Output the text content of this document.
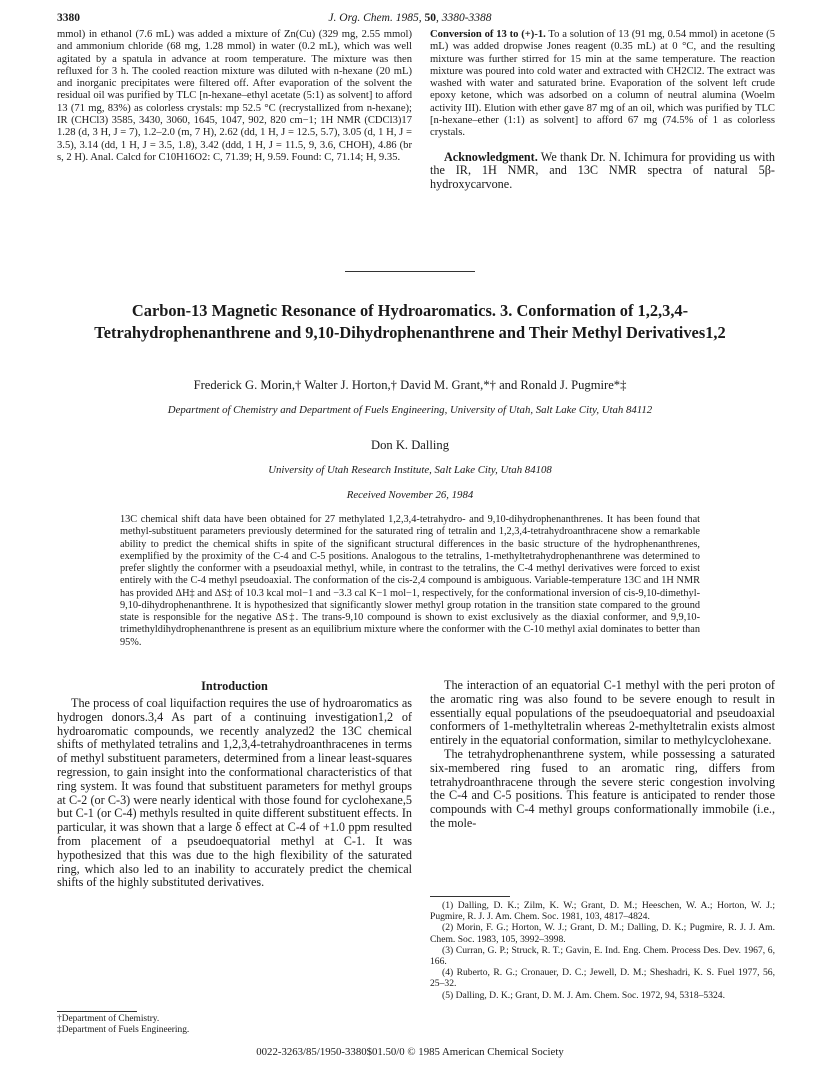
3380	J. Org. Chem. 1985, 50, 3380-3388

mmol) in ethanol (7.6 mL) was added a mixture of Zn(Cu) (329 mg, 2.55 mmol) and ammonium chloride (68 mg, 1.28 mmol) in water (0.2 mL), which was well agitated by a spatula in advance at room temperature. The mixture was then refluxed for 3 h. The cooled reaction mixture was diluted with n-hexane (20 mL) and inorganic precipitates were filtered off. After evaporation of the solvent the residual oil was purified by TLC [n-hexane–ethyl acetate (5:1) as solvent] to afford 13 (71 mg, 83%) as colorless crystals: mp 52.5 °C (recrystallized from n-hexane); IR (CHCl3) 3585, 3430, 3060, 1645, 1047, 902, 820 cm−1; 1H NMR (CDCl3)17 1.28 (d, 3 H, J = 7), 1.2–2.0 (m, 7 H), 2.62 (dd, 1 H, J = 12.5, 5.7), 3.05 (d, 1 H, J = 3.5), 3.14 (dd, 1 H, J = 3.5, 1.8), 3.42 (ddd, 1 H, J = 11.5, 9, 3.6, CHOH), 4.86 (br s, 2 H). Anal. Calcd for C10H16O2: C, 71.39; H, 9.59. Found: C, 71.14; H, 9.35.

Conversion of 13 to (+)-1. To a solution of 13 (91 mg, 0.54 mmol) in acetone (5 mL) was added dropwise Jones reagent (0.35 mL) at 0 °C, and the resulting mixture was further stirred for 15 min at the same temperature. The reaction mixture was poured into cold water and extracted with CH2Cl2. The extract was washed with water and saturated brine. Evaporation of the solvent left crude epoxy ketone, which was adsorbed on a column of neutral alumina (Woelm activity III). Elution with ether gave 87 mg of an oil, which was purified by TLC [n-hexane–ether (1:1) as solvent] to afford 67 mg (74.5% of 1 as colorless crystals.

Acknowledgment. We thank Dr. N. Ichimura for providing us with the IR, 1H NMR, and 13C NMR spectra of natural 5β-hydroxycarvone.

Carbon-13 Magnetic Resonance of Hydroaromatics. 3. Conformation of 1,2,3,4-Tetrahydrophenanthrene and 9,10-Dihydrophenanthrene and Their Methyl Derivatives1,2
Frederick G. Morin,† Walter J. Horton,† David M. Grant,*† and Ronald J. Pugmire*‡
Department of Chemistry and Department of Fuels Engineering, University of Utah, Salt Lake City, Utah 84112
Don K. Dalling
University of Utah Research Institute, Salt Lake City, Utah 84108
Received November 26, 1984
13C chemical shift data have been obtained for 27 methylated 1,2,3,4-tetrahydro- and 9,10-dihydrophenanthrenes. It has been found that methyl-substituent parameters previously determined for the saturated ring of tetralin and 1,2,3,4-tetrahydroanthracene show a remarkable ability to predict the chemical shifts in spite of the significant structural differences in the basic structure of the hydrophenanthrenes, exemplified by the proximity of the C-4 and C-5 positions. Analogous to the tetralins, 1-methyltetrahydrophenanthrene was determined to prefer slightly the conformer with a pseudoaxial methyl, while, in contrast to the tetralins, the C-4 methyl derivatives were forced to exist entirely with the C-4 methyl pseudoaxial. The conformation of the cis-2,4 compound is ambiguous. Variable-temperature 13C and 1H NMR has provided ΔH‡ and ΔS‡ of 10.3 kcal mol−1 and −3.3 cal K−1 mol−1, respectively, for the conformational inversion of cis-9,10-dimethyl-9,10-dihydrophenanthrene. It is hypothesized that significantly slower methyl group rotation in the transition state compared to the ground state is responsible for the negative ΔS‡. The trans-9,10 compound is shown to exist exclusively as the diaxial conformer, and 9,9,10-trimethyldihydrophenanthrene is present as an equilibrium mixture where the conformer with the C-10 methyl axial dominates to better than 95%.
Introduction

The process of coal liquifaction requires the use of hydroaromatics as hydrogen donors.3,4 As part of a continuing investigation1,2 of hydroaromatic compounds, we recently analyzed2 the 13C chemical shifts of methylated tetralins and 1,2,3,4-tetrahydroanthracenes in terms of methyl substituent parameters, determined from a linear least-squares regression, to gain insight into the conformational characteristics of that ring system. It was found that substituent parameters for methyl groups at C-2 (or C-3) were nearly identical with those found for cyclohexane,5 but C-1 (or C-4) methyls resulted in quite different substituent effects. In particular, it was shown that a large δ effect at C-4 of +1.0 ppm resulted from placement of a pseudoequatorial methyl at C-1. It was hypothesized that this was due to the high flexibility of the saturated ring, which also led to an inability to accurately predict the chemical shifts of the highly substituted derivatives.

The interaction of an equatorial C-1 methyl with the peri proton of the aromatic ring was also found to be severe enough to result in essentially equal populations of the pseudoequatorial and pseudoaxial conformers of 1-methyltetralin whereas 2-methyltetralin exists almost entirely in the equatorial conformation, similar to methylcyclohexane.

The tetrahydrophenanthrene system, while possessing a saturated six-membered ring fused to an aromatic ring, differs from tetrahydroanthracene through the severe steric congestion involving the C-4 and C-5 positions. This feature is anticipated to render those compounds with C-4 methyl groups conformationally immobile (i.e., the mole-

†Department of Chemistry.
‡Department of Fuels Engineering.

(1) Dalling, D. K.; Zilm, K. W.; Grant, D. M.; Heeschen, W. A.; Horton, W. J.; Pugmire, R. J. J. Am. Chem. Soc. 1981, 103, 4817–4824.

(2) Morin, F. G.; Horton, W. J.; Grant, D. M.; Dalling, D. K.; Pugmire, R. J. J. Am. Chem. Soc. 1983, 105, 3992–3998.

(3) Curran, G. P.; Struck, R. T.; Gavin, E. Ind. Eng. Chem. Process Des. Dev. 1967, 6, 166.

(4) Ruberto, R. G.; Cronauer, D. C.; Jewell, D. M.; Sheshadri, K. S. Fuel 1977, 56, 25–32.

(5) Dalling, D. K.; Grant, D. M. J. Am. Chem. Soc. 1972, 94, 5318–5324.

0022-3263/85/1950-3380$01.50/0 © 1985 American Chemical Society
